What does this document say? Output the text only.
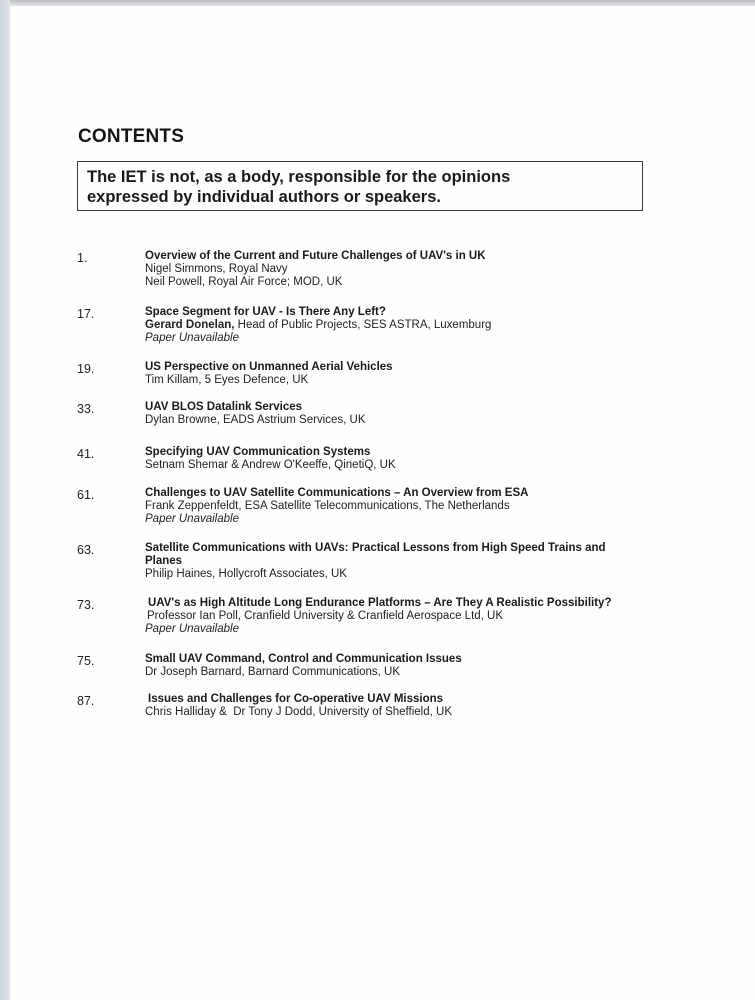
CONTENTS
The IET is not, as a body, responsible for the opinions expressed by individual authors or speakers.
1.	Overview of the Current and Future Challenges of UAV's in UK
Nigel Simmons, Royal Navy
Neil Powell, Royal Air Force; MOD, UK
17.	Space Segment for UAV - Is There Any Left?
Gerard Donelan, Head of Public Projects, SES ASTRA, Luxemburg
Paper Unavailable
19.	US Perspective on Unmanned Aerial Vehicles
Tim Killam, 5 Eyes Defence, UK
33.	UAV BLOS Datalink Services
Dylan Browne, EADS Astrium Services, UK
41.	Specifying UAV Communication Systems
Setnam Shemar & Andrew O'Keeffe, QinetiQ, UK
61.	Challenges to UAV Satellite Communications – An Overview from ESA
Frank Zeppenfeldt, ESA Satellite Telecommunications, The Netherlands
Paper Unavailable
63.	Satellite Communications with UAVs: Practical Lessons from High Speed Trains and
Planes
Philip Haines, Hollycroft Associates, UK
73.	UAV's as High Altitude Long Endurance Platforms – Are They A Realistic Possibility?
Professor Ian Poll, Cranfield University & Cranfield Aerospace Ltd, UK
Paper Unavailable
75.	Small UAV Command, Control and Communication Issues
Dr Joseph Barnard, Barnard Communications, UK
87.	Issues and Challenges for Co-operative UAV Missions
Chris Halliday &  Dr Tony J Dodd, University of Sheffield, UK
